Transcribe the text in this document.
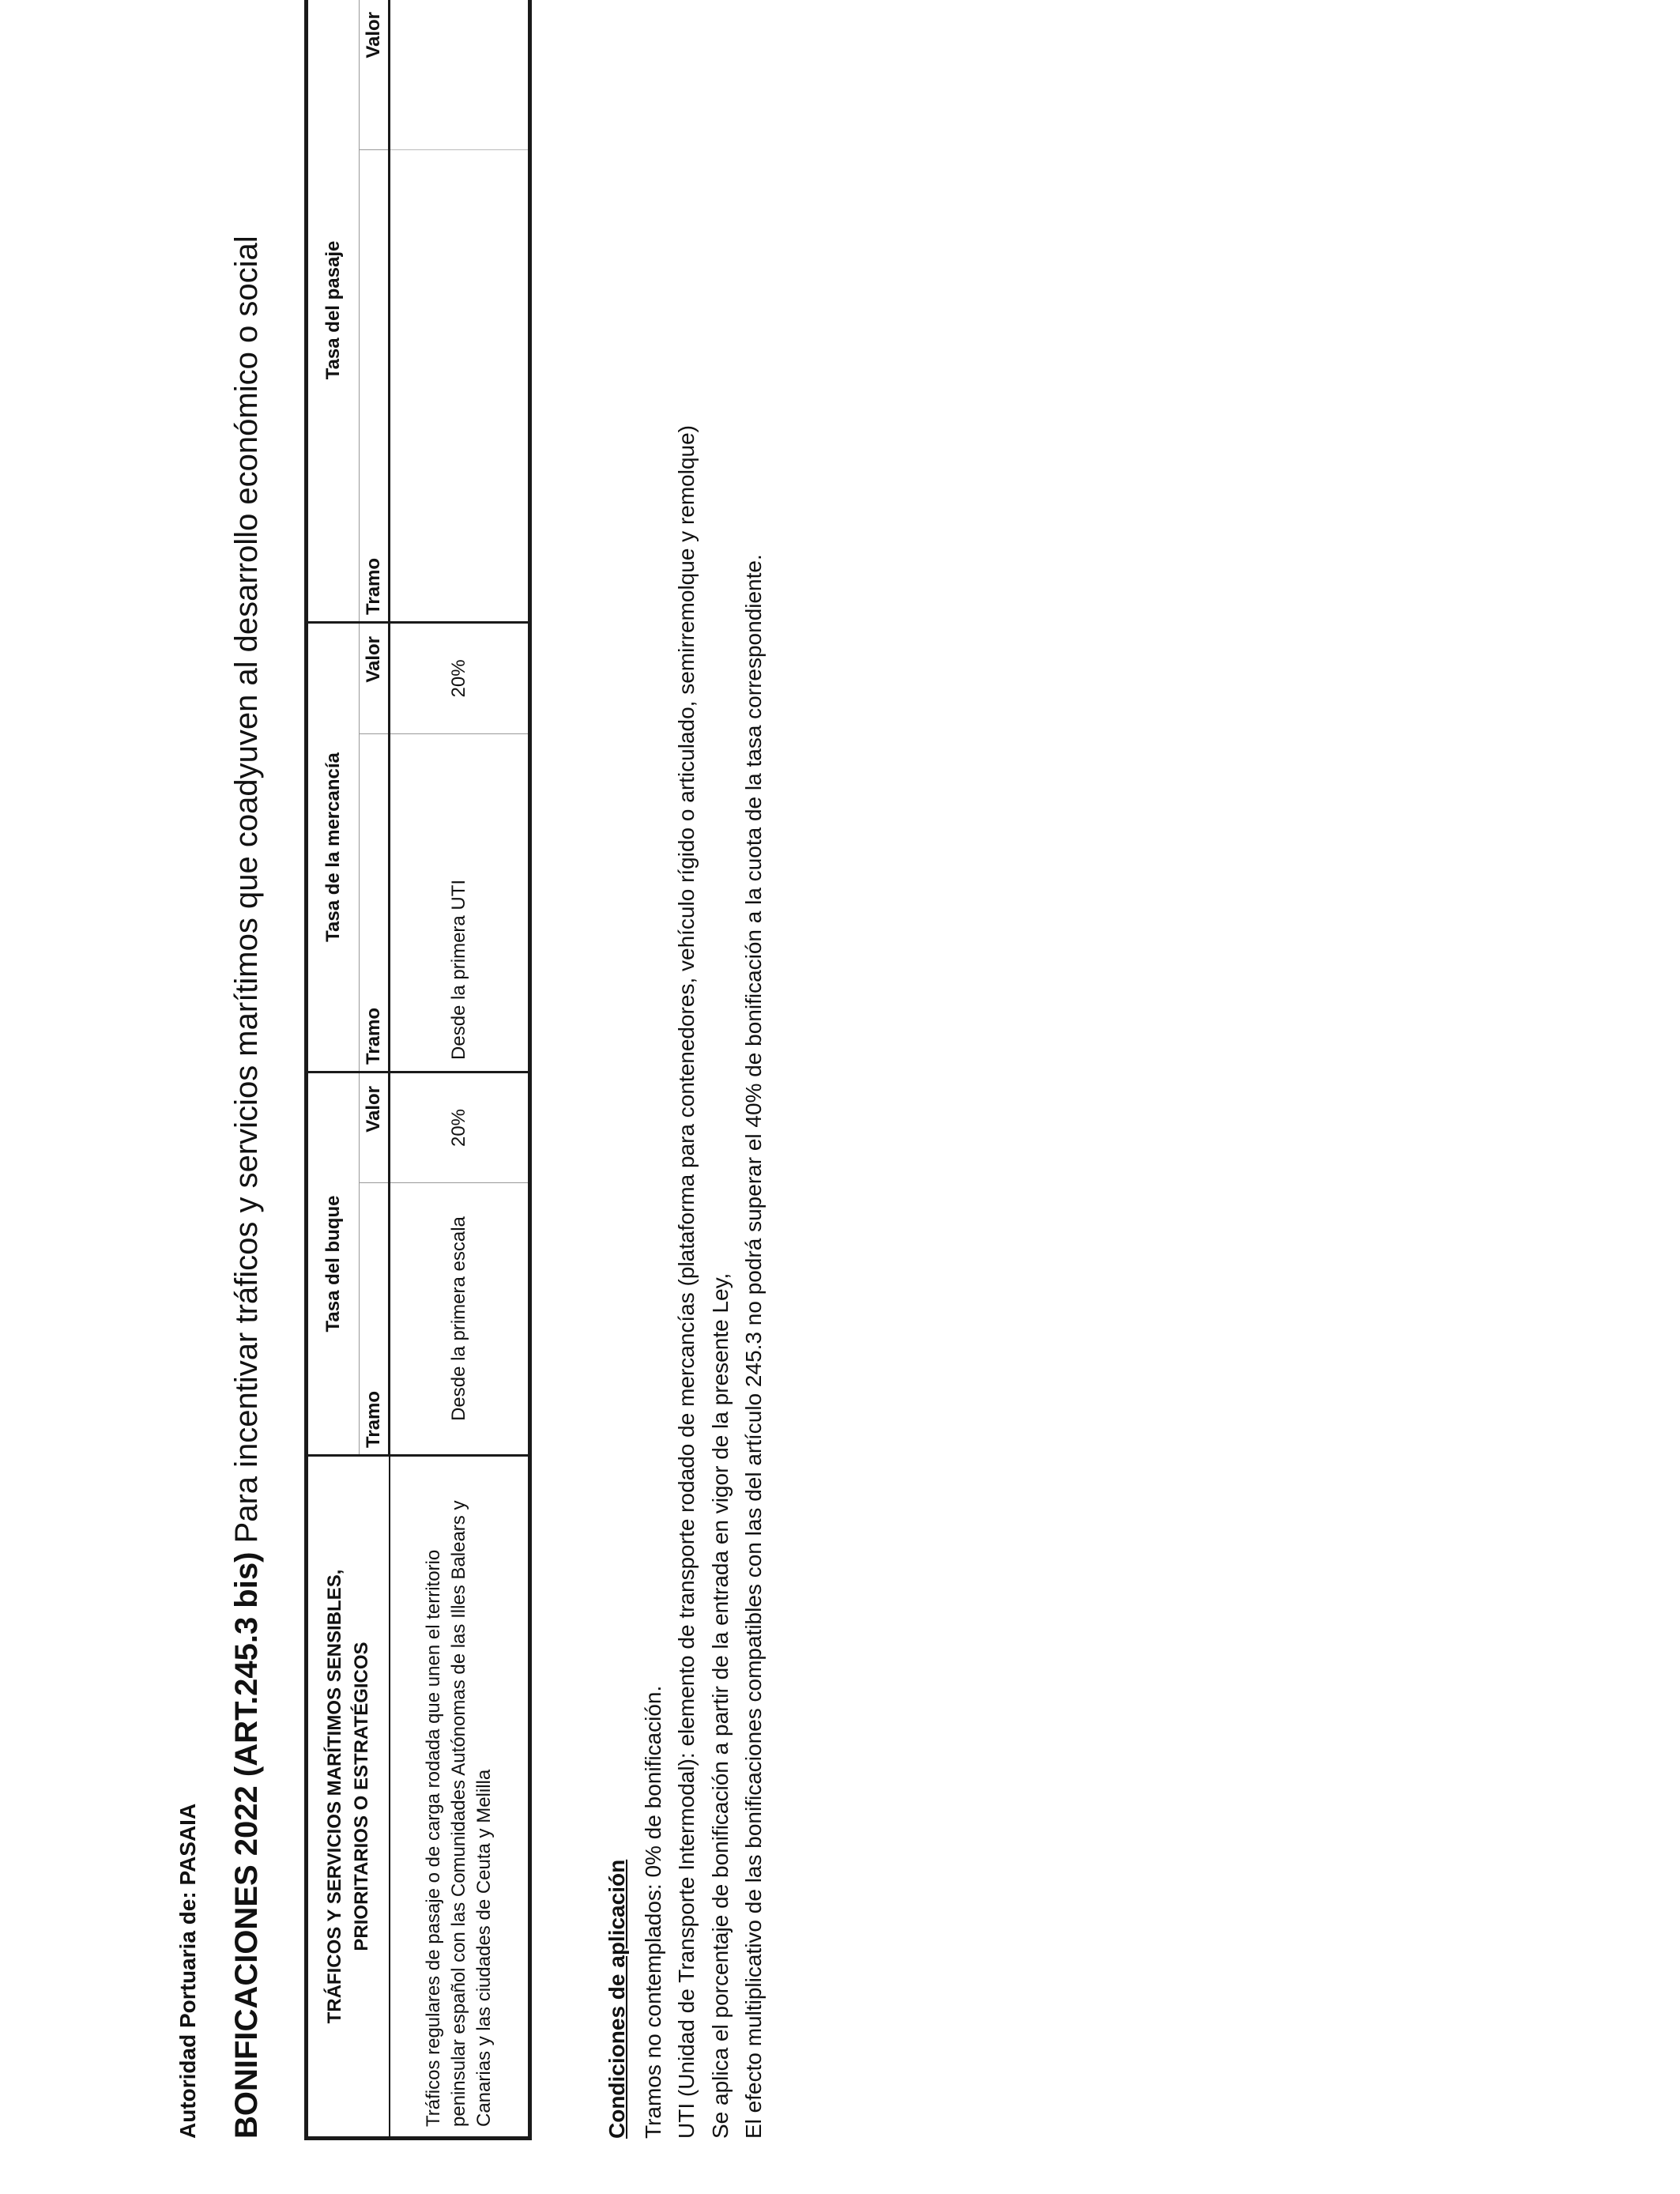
Autoridad Portuaria de: PASAIA BONIFICACIONES 2022 (ART.245.3 bis) Para incentivar tráficos y servicios marítimos que coadyuven al desarrollo económico o social
TRÁFICOS Y SERVICIOS MARÍTIMOS SENSIBLES, PRIORITARIOS O ESTRATÉGICOS	Tasa del buque		Tasa de la mercancía		Tasa del pasaje	
	Tramo	Valor	Tramo	Valor	Tramo	Valor
Tráficos regulares de pasaje o de carga rodada que unen el territorio peninsular español con las Comunidades Autónomas de las Illes Balears y Canarias y las ciudades de Ceuta y Melilla	Desde la primera escala	20%	Desde la primera UTI	20%		
Condiciones de aplicación Tramos no contemplados: 0% de bonificación. UTI (Unidad de Transporte Intermodal): elemento de transporte rodado de mercancías (plataforma para contenedores, vehículo rígido o articulado, semirremolque y remolque) Se aplica el porcentaje de bonificación a partir de la entrada en vigor de la presente Ley, El efecto multiplicativo de las bonificaciones compatibles con las del artículo 245.3 no podrá superar el 40% de bonificación a la cuota de la tasa correspondiente.
